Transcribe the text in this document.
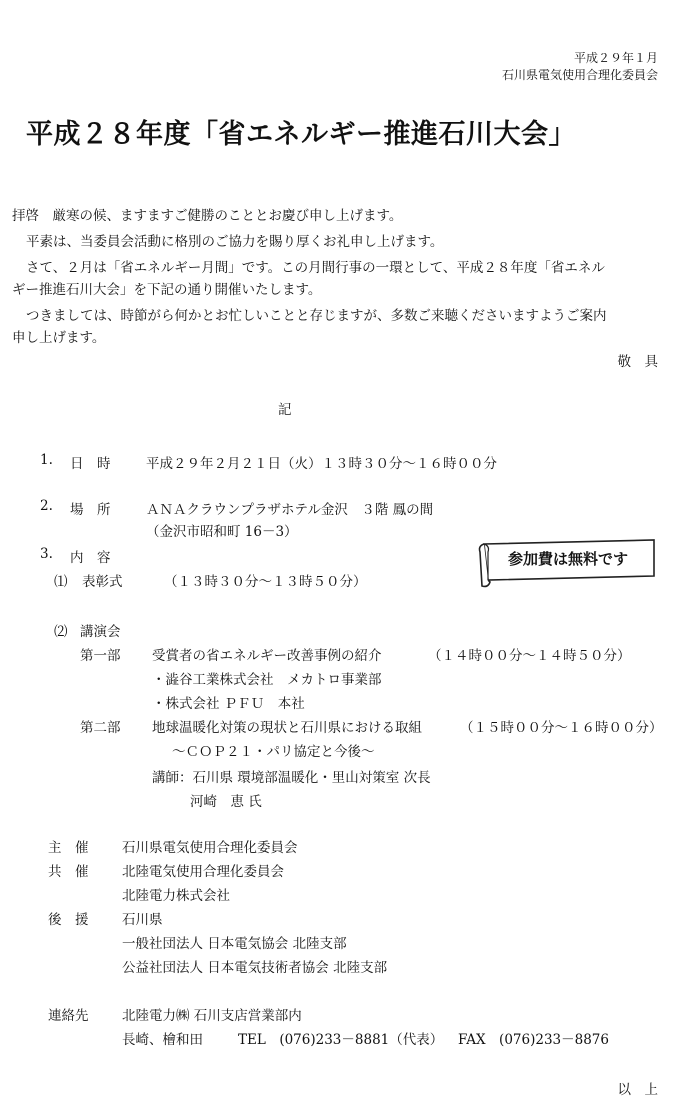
平成２９年１月
石川県電気使用合理化委員会
平成２８年度「省エネルギー推進石川大会」
拝啓　厳寒の候、ますますご健勝のこととお慶び申し上げます。
平素は、当委員会活動に格別のご協力を賜り厚くお礼申し上げます。
さて、２月は「省エネルギー月間」です。この月間行事の一環として、平成２８年度「省エネル
ギー推進石川大会」を下記の通り開催いたします。
つきましては、時節がら何かとお忙しいことと存じますが、多数ご来聴くださいますようご案内
申し上げます。
敬　具
記
1. 日　時	平成２９年２月２１日（火）１３時３０分～１６時００分
2. 場　所	ＡＮＡクラウンプラザホテル金沢　３階 鳳の間
（金沢市昭和町 16－3）
3. 内　容
⑴ 表彰式	（１３時３０分～１３時５０分）
参加費は無料です
⑵ 講演会
第一部 受賞者の省エネルギー改善事例の紹介	（１４時００分～１４時５０分）
・澁谷工業株式会社　メカトロ事業部
・株式会社 ＰＦＵ　本社
第二部 地球温暖化対策の現状と石川県における取組	（１５時００分～１６時００分）
～ＣＯＰ２１・パリ協定と今後～
講師：石川県 環境部温暖化・里山対策室 次長
河崎　恵 氏
主　催 石川県電気使用合理化委員会
共　催 北陸電気使用合理化委員会
北陸電力株式会社
後　援 石川県
一般社団法人 日本電気協会 北陸支部
公益社団法人 日本電気技術者協会 北陸支部
連絡先 北陸電力㈱ 石川支店営業部内
長崎、檜和田	TEL　(076)233－8881（代表） FAX　(076)233－8876
以　上
